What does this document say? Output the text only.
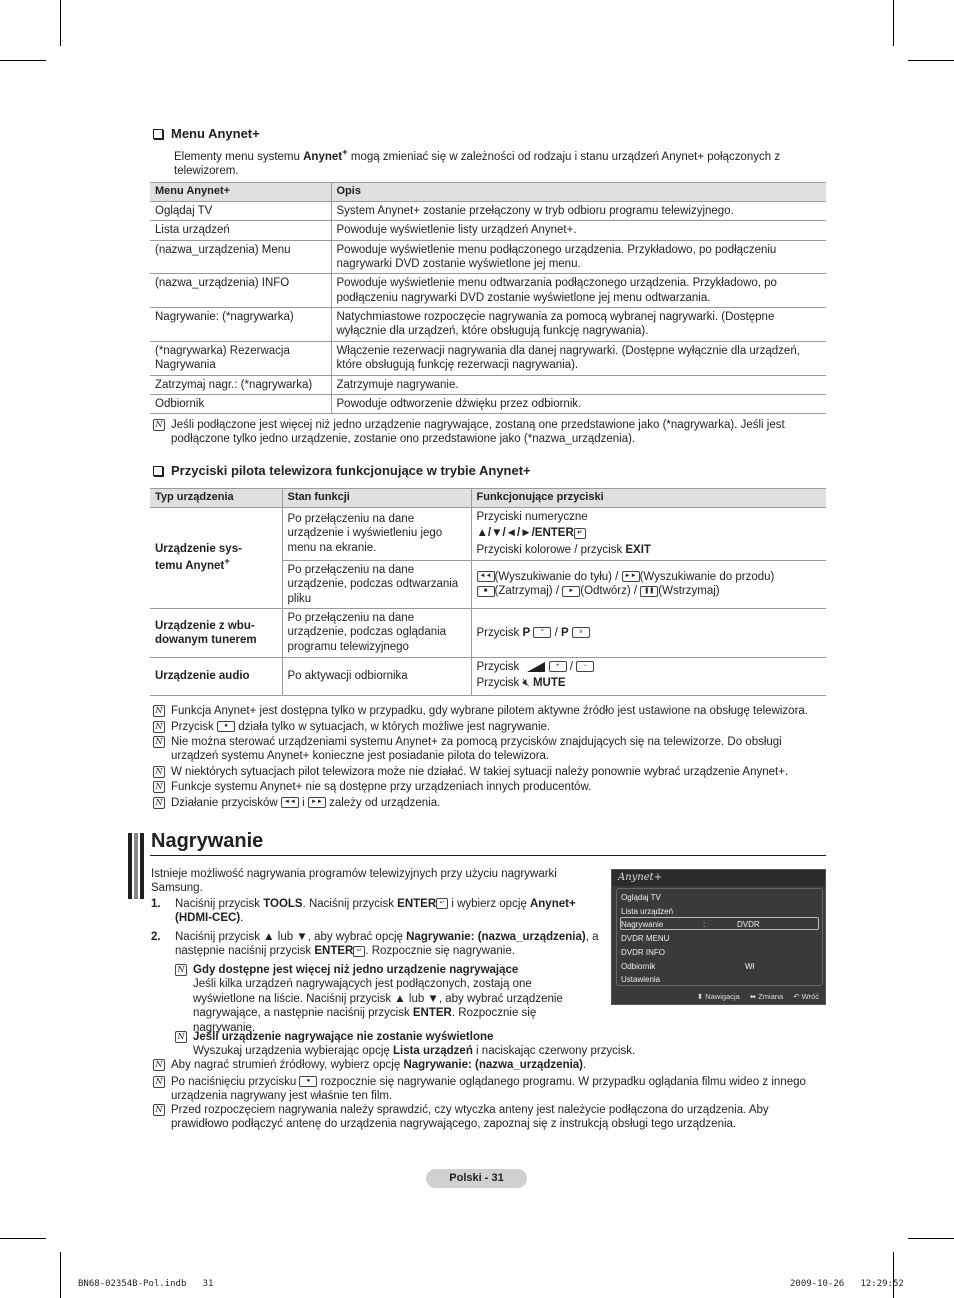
Menu Anynet+
Elementy menu systemu Anynet+ mogą zmieniać się w zależności od rodzaju i stanu urządzeń Anynet+ połączonych z telewizorem.
Menu Anynet+	Opis
Oglądaj TV	System Anynet+ zostanie przełączony w tryb odbioru programu telewizyjnego.
Lista urządzeń	Powoduje wyświetlenie listy urządzeń Anynet+.
(nazwa_urządzenia) Menu	Powoduje wyświetlenie menu podłączonego urządzenia. Przykładowo, po podłączeniu nagrywarki DVD zostanie wyświetlone jej menu.
(nazwa_urządzenia) INFO	Powoduje wyświetlenie menu odtwarzania podłączonego urządzenia. Przykładowo, po podłączeniu nagrywarki DVD zostanie wyświetlone jej menu odtwarzania.
Nagrywanie: (*nagrywarka)	Natychmiastowe rozpoczęcie nagrywania za pomocą wybranej nagrywarki. (Dostępne wyłącznie dla urządzeń, które obsługują funkcję nagrywania).
(*nagrywarka) Rezerwacja Nagrywania	Włączenie rezerwacji nagrywania dla danej nagrywarki. (Dostępne wyłącznie dla urządzeń, które obsługują funkcję rezerwacji nagrywania).
Zatrzymaj nagr.: (*nagrywarka)	Zatrzymuje nagrywanie.
Odbiornik	Powoduje odtworzenie dźwięku przez odbiornik.
N Jeśli podłączone jest więcej niż jedno urządzenie nagrywające, zostaną one przedstawione jako (*nagrywarka). Jeśli jest podłączone tylko jedno urządzenie, zostanie ono przedstawione jako (*nazwa_urządzenia).
Przyciski pilota telewizora funkcjonujące w trybie Anynet+
Typ urządzenia	Stan funkcji	Funkcjonujące przyciski
Urządzenie sys-temu Anynet+	Po przełączeniu na dane urządzenie i wyświetleniu jego menu na ekranie.	Przyciski numeryczne
▲/▼/◄/►/ENTER ↵
Przyciski kolorowe / przycisk EXIT

	Po przełączeniu na dane urządzenie, podczas odtwarzania pliku	◄◄ (Wyszukiwanie do tyłu) / ►► (Wyszukiwanie do przodu)
■ (Zatrzymaj) / ► (Odtwórz) / ❚❚ (Wstrzymaj)

Urządzenie z wbu-dowanym tunerem	Po przełączeniu na dane urządzenie, podczas oglądania programu telewizyjnego	Przycisk P ^ / P v
Urządzenie audio	Po aktywacji odbiornika	Przycisk + / −
Przycisk 🔇︎ MUTE
N Funkcja Anynet+ jest dostępna tylko w przypadku, gdy wybrane pilotem aktywne źródło jest ustawione na obsługę telewizora.
N Przycisk ● działa tylko w sytuacjach, w których możliwe jest nagrywanie.
N Nie można sterować urządzeniami systemu Anynet+ za pomocą przycisków znajdujących się na telewizorze. Do obsługi urządzeń systemu Anynet+ konieczne jest posiadanie pilota do telewizora.
N W niektórych sytuacjach pilot telewizora może nie działać. W takiej sytuacji należy ponownie wybrać urządzenie Anynet+.
N Funkcje systemu Anynet+ nie są dostępne przy urządzeniach innych producentów.
N Działanie przycisków ◄◄ i ►► zależy od urządzenia.
Nagrywanie
Istnieje możliwość nagrywania programów telewizyjnych przy użyciu nagrywarki Samsung.
1.	Naciśnij przycisk TOOLS. Naciśnij przycisk ENTER ↵ i wybierz opcję Anynet+ (HDMI-CEC).
2.	Naciśnij przycisk ▲ lub ▼, aby wybrać opcję Nagrywanie: (nazwa_urządzenia), a następnie naciśnij przycisk ENTER ↵ . Rozpocznie się nagrywanie.
N Gdy dostępne jest więcej niż jedno urządzenie nagrywające
Jeśli kilka urządzeń nagrywających jest podłączonych, zostają one wyświetlone na liście. Naciśnij przycisk ▲ lub ▼, aby wybrać urządzenie nagrywające, a następnie naciśnij przycisk ENTER. Rozpocznie się nagrywanie.
N Jeśli urządzenie nagrywające nie zostanie wyświetlone
Wyszukaj urządzenia wybierając opcję Lista urządzeń i naciskając czerwony przycisk.
N Aby nagrać strumień źródłowy, wybierz opcję Nagrywanie: (nazwa_urządzenia).
N Po naciśnięciu przycisku ● rozpocznie się nagrywanie oglądanego programu. W przypadku oglądania filmu wideo z innego urządzenia nagrywany jest właśnie ten film.
N Przed rozpoczęciem nagrywania należy sprawdzić, czy wtyczka anteny jest należycie podłączona do urządzenia. Aby prawidłowo podłączyć antenę do urządzenia nagrywającego, zapoznaj się z instrukcją obsługi tego urządzenia.
Anynet+
Oglądaj TV
Lista urządzeń
Nagrywanie	:	DVDR
DVDR MENU
DVDR INFO
Odbiornik	Wł
Ustawienia
⬍ Nawigacja ⬌ Zmiana ↶ Wróć
Polski - 31
BN68-02354B-Pol.indb   31	2009-10-26   12:29:52
